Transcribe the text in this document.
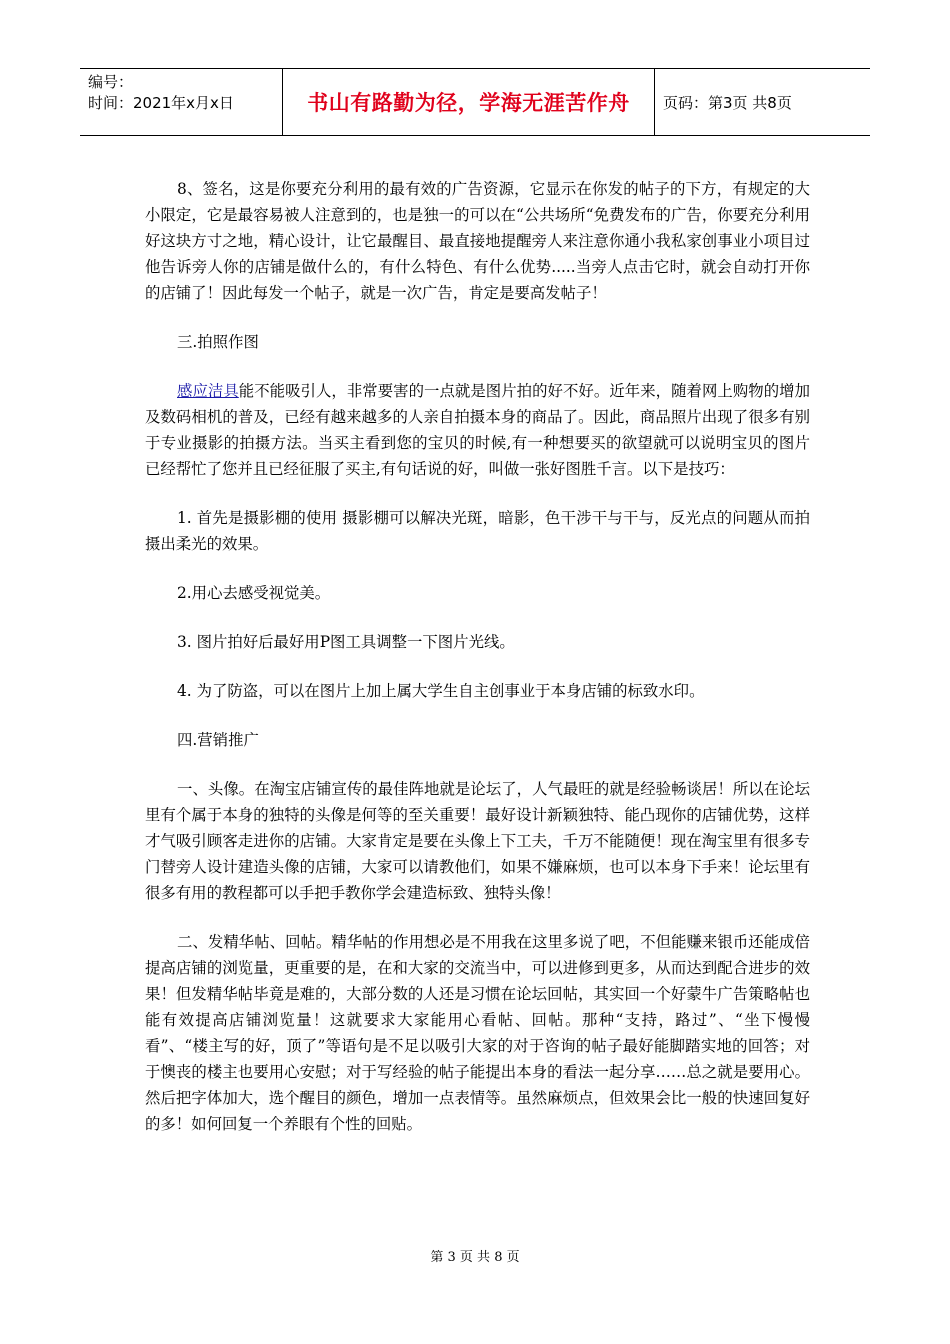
编号：
时间：2021年x月x日	书山有路勤为径，学海无涯苦作舟	页码：第3页 共8页

8、签名，这是你要充分利用的最有效的广告资源，它显示在你发的帖子的下方，有规定的大小限定，它是最容易被人注意到的，也是独一的可以在“公共场所“免费发布的广告，你要充分利用好这块方寸之地，精心设计，让它最醒目、最直接地提醒旁人来注意你通小我私家创事业小项目过他告诉旁人你的店铺是做什么的，有什么特色、有什么优势.....当旁人点击它时，就会自动打开你的店铺了！因此每发一个帖子，就是一次广告，肯定是要高发帖子！

三.拍照作图

感应洁具能不能吸引人，非常要害的一点就是图片拍的好不好。近年来，随着网上购物的增加及数码相机的普及，已经有越来越多的人亲自拍摄本身的商品了。因此，商品照片出现了很多有别于专业摄影的拍摄方法。当买主看到您的宝贝的时候,有一种想要买的欲望就可以说明宝贝的图片已经帮忙了您并且已经征服了买主,有句话说的好，叫做一张好图胜千言。以下是技巧：

1. 首先是摄影棚的使用 摄影棚可以解决光斑，暗影，色干涉干与干与，反光点的问题从而拍摄出柔光的效果。

2.用心去感受视觉美。

3. 图片拍好后最好用P图工具调整一下图片光线。

4. 为了防盗，可以在图片上加上属大学生自主创事业于本身店铺的标致水印。

四.营销推广

一、头像。在淘宝店铺宣传的最佳阵地就是论坛了，人气最旺的就是经验畅谈居！所以在论坛里有个属于本身的独特的头像是何等的至关重要！最好设计新颖独特、能凸现你的店铺优势，这样才气吸引顾客走进你的店铺。大家肯定是要在头像上下工夫，千万不能随便！现在淘宝里有很多专门替旁人设计建造头像的店铺，大家可以请教他们，如果不嫌麻烦，也可以本身下手来！论坛里有很多有用的教程都可以手把手教你学会建造标致、独特头像！

二、发精华帖、回帖。精华帖的作用想必是不用我在这里多说了吧，不但能赚来银币还能成倍提高店铺的浏览量，更重要的是，在和大家的交流当中，可以进修到更多，从而达到配合进步的效果！但发精华帖毕竟是难的，大部分数的人还是习惯在论坛回帖，其实回一个好蒙牛广告策略帖也能有效提高店铺浏览量！这就要求大家能用心看帖、回帖。那种“支持，路过”、“坐下慢慢看”、“楼主写的好，顶了”等语句是不足以吸引大家的对于咨询的帖子最好能脚踏实地的回答；对于懊丧的楼主也要用心安慰；对于写经验的帖子能提出本身的看法一起分享……总之就是要用心。然后把字体加大，选个醒目的颜色，增加一点表情等。虽然麻烦点，但效果会比一般的快速回复好的多！如何回复一个养眼有个性的回贴。

第 3 页 共 8 页
